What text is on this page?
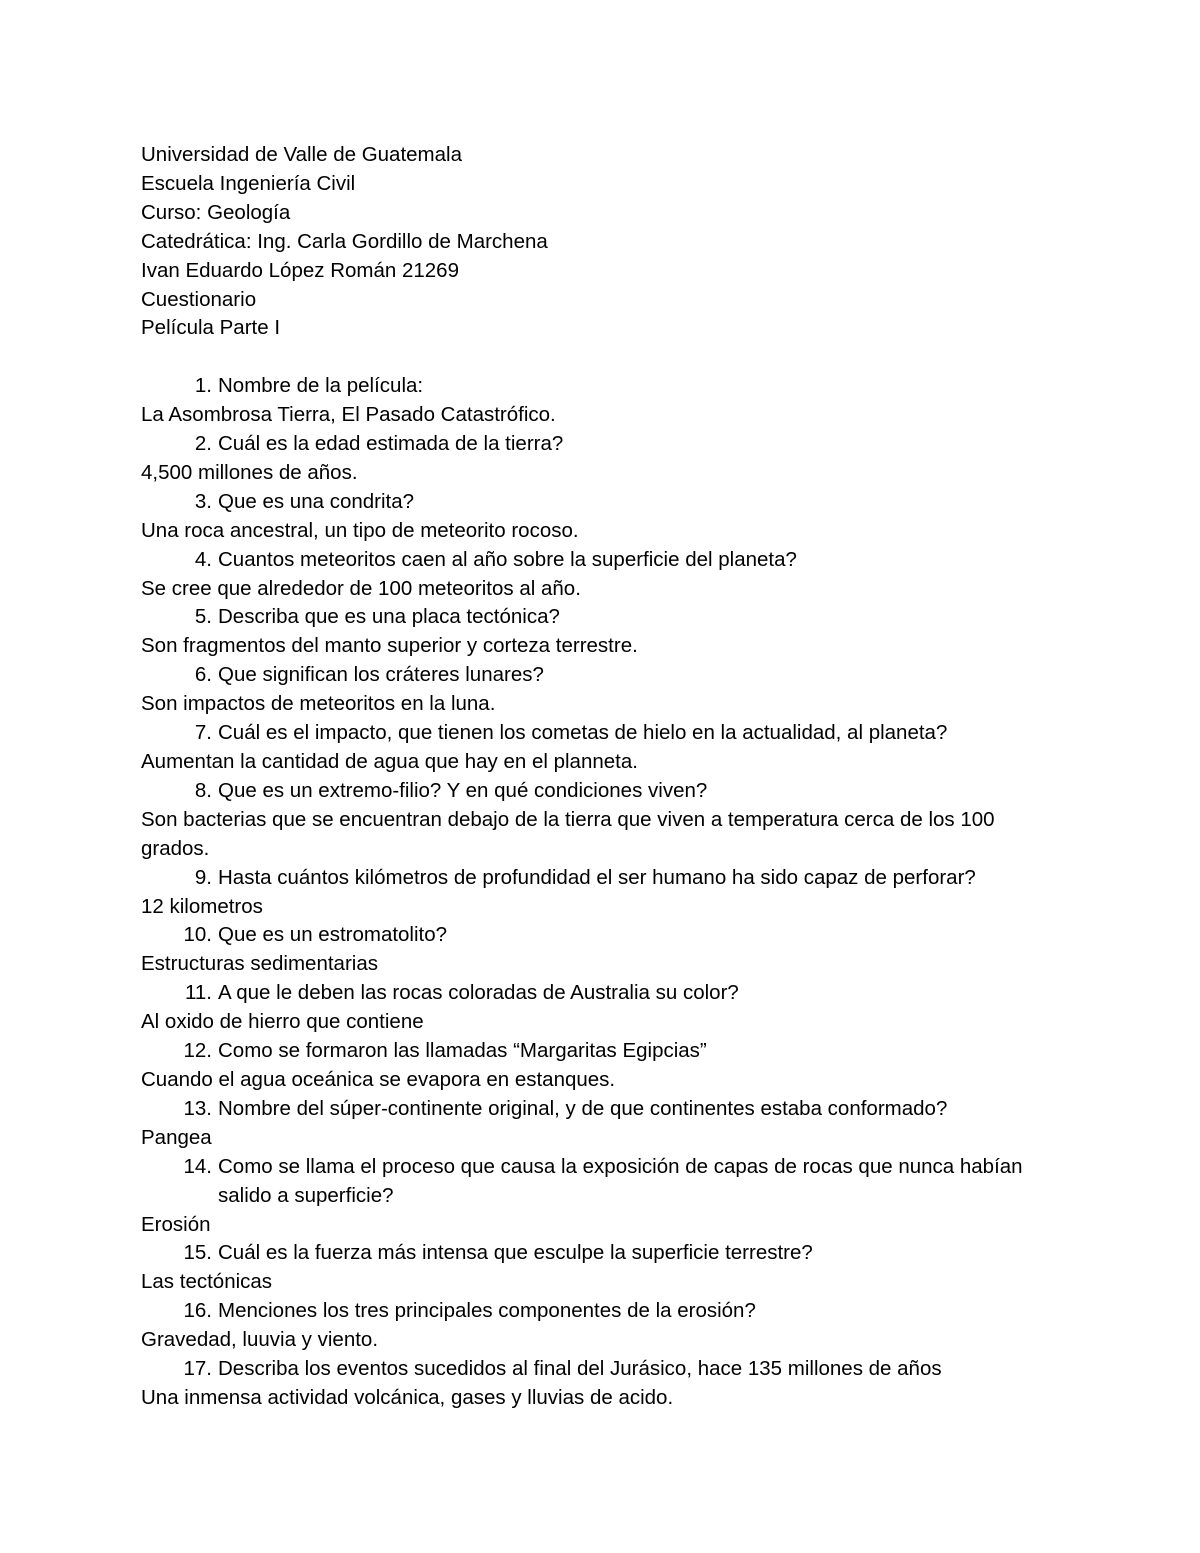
Universidad de Valle de Guatemala
Escuela Ingeniería Civil
Curso: Geología
Catedrática: Ing. Carla Gordillo de Marchena
Ivan Eduardo López Román 21269
Cuestionario
Película Parte I
1. Nombre de la película:
La Asombrosa Tierra, El Pasado Catastrófico.
2. Cuál es la edad estimada de la tierra?
4,500 millones de años.
3. Que es una condrita?
Una roca ancestral, un tipo de meteorito rocoso.
4. Cuantos meteoritos caen al año sobre la superficie del planeta?
Se cree que alrededor de 100 meteoritos al año.
5. Describa que es una placa tectónica?
Son fragmentos del manto superior y corteza terrestre.
6. Que significan los cráteres lunares?
Son impactos de meteoritos en la luna.
7. Cuál es el impacto, que tienen los cometas de hielo en la actualidad, al planeta?
Aumentan la cantidad de agua que hay en el planneta.
8. Que es un extremo-filio? Y en qué condiciones viven?
Son bacterias que se encuentran debajo de la tierra que viven a temperatura cerca de los 100 grados.
9. Hasta cuántos kilómetros de profundidad el ser humano ha sido capaz de perforar?
12 kilometros
10. Que es un estromatolito?
Estructuras sedimentarias
11. A que le deben las rocas coloradas de Australia su color?
Al oxido de hierro que contiene
12. Como se formaron las llamadas “Margaritas Egipcias”
Cuando el agua oceánica se evapora en estanques.
13. Nombre del súper-continente original, y de que continentes estaba conformado?
Pangea
14. Como se llama el proceso que causa la exposición de capas de rocas que nunca habían salido a superficie?
Erosión
15. Cuál es la fuerza más intensa que esculpe la superficie terrestre?
Las tectónicas
16. Menciones los tres principales componentes de la erosión?
Gravedad, luuvia y viento.
17. Describa los eventos sucedidos al final del Jurásico, hace 135 millones de años
Una inmensa actividad volcánica, gases y lluvias de acido.
